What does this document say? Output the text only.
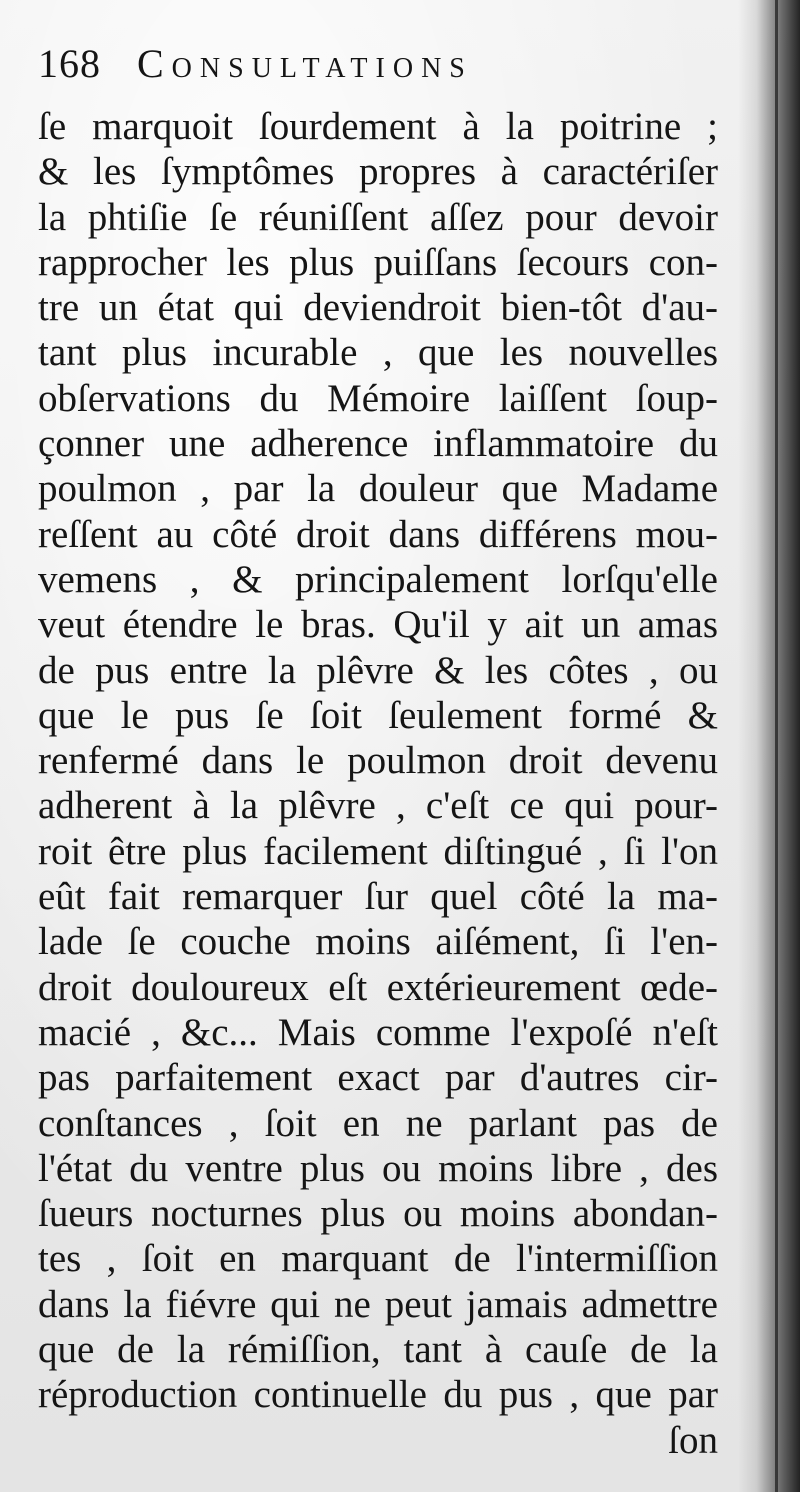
168 Consultations
ſe marquoit ſourdement à la poitrine ;
& les ſymptômes propres à caractériſer
la phtiſie ſe réuniſſent aſſez pour devoir
rapprocher les plus puiſſans ſecours con-
tre un état qui deviendroit bien-tôt d'au-
tant plus incurable , que les nouvelles
obſervations du Mémoire laiſſent ſoup-
çonner une adherence inflammatoire du
poulmon , par la douleur que Madame
reſſent au côté droit dans différens mou-
vemens , & principalement lorſqu'elle
veut étendre le bras. Qu'il y ait un amas
de pus entre la plêvre & les côtes , ou
que le pus ſe ſoit ſeulement formé &
renfermé dans le poulmon droit devenu
adherent à la plêvre , c'eſt ce qui pour-
roit être plus facilement diſtingué , ſi l'on
eût fait remarquer ſur quel côté la ma-
lade ſe couche moins aiſément, ſi l'en-
droit douloureux eſt extérieurement œde-
macié , &c... Mais comme l'expoſé n'eſt
pas parfaitement exact par d'autres cir-
conſtances , ſoit en ne parlant pas de
l'état du ventre plus ou moins libre , des
ſueurs nocturnes plus ou moins abondan-
tes , ſoit en marquant de l'intermiſſion
dans la fiévre qui ne peut jamais admettre
que de la rémiſſion, tant à cauſe de la
réproduction continuelle du pus , que par
ſon
